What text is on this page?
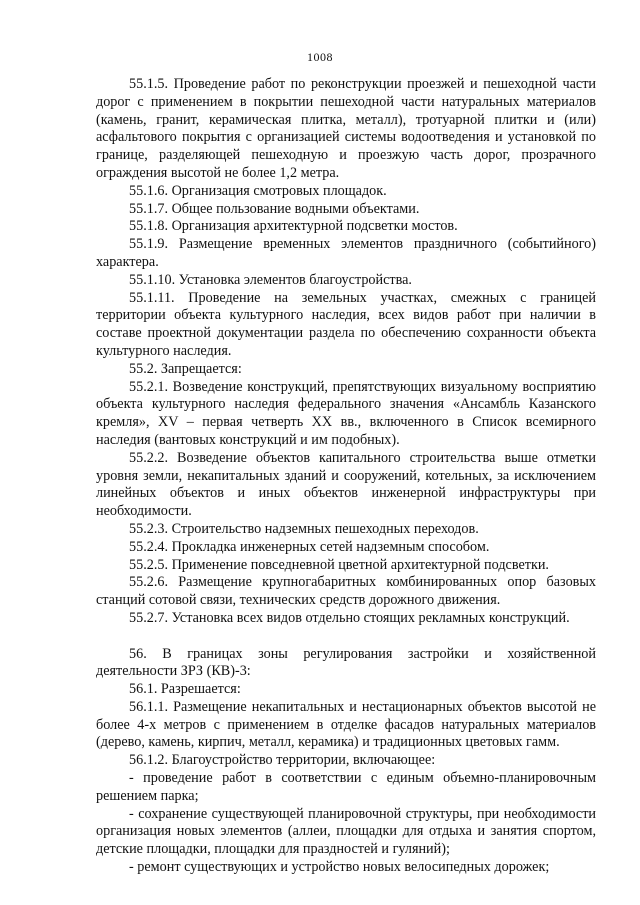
1008

55.1.5. Проведение работ по реконструкции проезжей и пешеходной части дорог с применением в покрытии пешеходной части натуральных материалов (камень, гранит, керамическая плитка, металл), тротуарной плитки и (или) асфальтового покрытия с организацией системы водоотведения и установкой по границе, разделяющей пешеходную и проезжую часть дорог, прозрачного ограждения высотой не более 1,2 метра.

55.1.6. Организация смотровых площадок.

55.1.7. Общее пользование водными объектами.

55.1.8. Организация архитектурной подсветки мостов.

55.1.9. Размещение временных элементов праздничного (событийного) характера.

55.1.10. Установка элементов благоустройства.

55.1.11. Проведение на земельных участках, смежных с границей территории объекта культурного наследия, всех видов работ при наличии в составе проектной документации раздела по обеспечению сохранности объекта культурного наследия.

55.2. Запрещается:

55.2.1. Возведение конструкций, препятствующих визуальному восприятию объекта культурного наследия федерального значения «Ансамбль Казанского кремля», XV – первая четверть XX вв., включенного в Список всемирного наследия (вантовых конструкций и им подобных).

55.2.2. Возведение объектов капитального строительства выше отметки уровня земли, некапитальных зданий и сооружений, котельных, за исключением линейных объектов и иных объектов инженерной инфраструктуры при необходимости.

55.2.3. Строительство надземных пешеходных переходов.

55.2.4. Прокладка инженерных сетей надземным способом.

55.2.5. Применение повседневной цветной архитектурной подсветки.

55.2.6. Размещение крупногабаритных комбинированных опор базовых станций сотовой связи, технических средств дорожного движения.

55.2.7. Установка всех видов отдельно стоящих рекламных конструкций.

56. В границах зоны регулирования застройки и хозяйственной деятельности ЗРЗ (КВ)-3:

56.1. Разрешается:

56.1.1. Размещение некапитальных и нестационарных объектов высотой не более 4-х метров с применением в отделке фасадов натуральных материалов (дерево, камень, кирпич, металл, керамика) и традиционных цветовых гамм.

56.1.2. Благоустройство территории, включающее:

- проведение работ в соответствии с единым объемно-планировочным решением парка;

- сохранение существующей планировочной структуры, при необходимости организация новых элементов (аллеи, площадки для отдыха и занятия спортом, детские площадки, площадки для праздностей и гуляний);

- ремонт существующих и устройство новых велосипедных дорожек;
